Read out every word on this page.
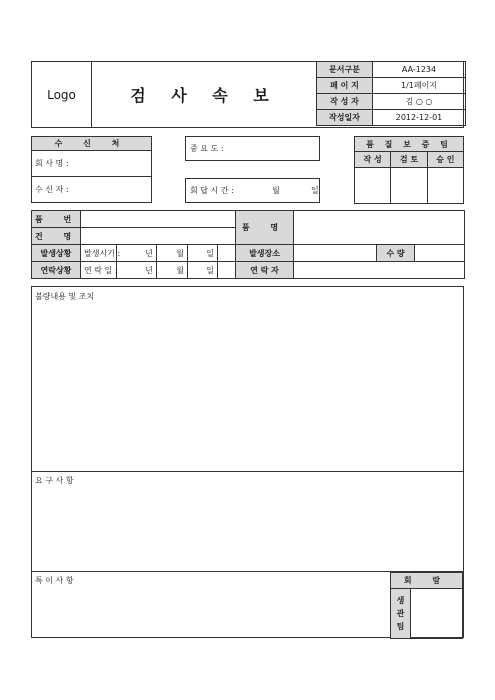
Logo	검 사 속 보
문서구분	AA-1234
페 이 지	1/1페이지
작 성 자	김 ○ ○
작성일자	2012-12-01
수 신 처
회 사 명 :
수 신 자 :
중 요 도 :
회 답 시 간 :	월	일
품 질 보 증 팀		
작 성	검 토	승 인

품 번						품 명			
건 명									
발생상황	발생시기 :	년	월	일		발생장소		수 량	
연락상황	연 락 일 :	년	월	일		연 락 자			
불량내용 및 조치
요 구 사 항
특 이 사 항	회 람
생 관 팀	
